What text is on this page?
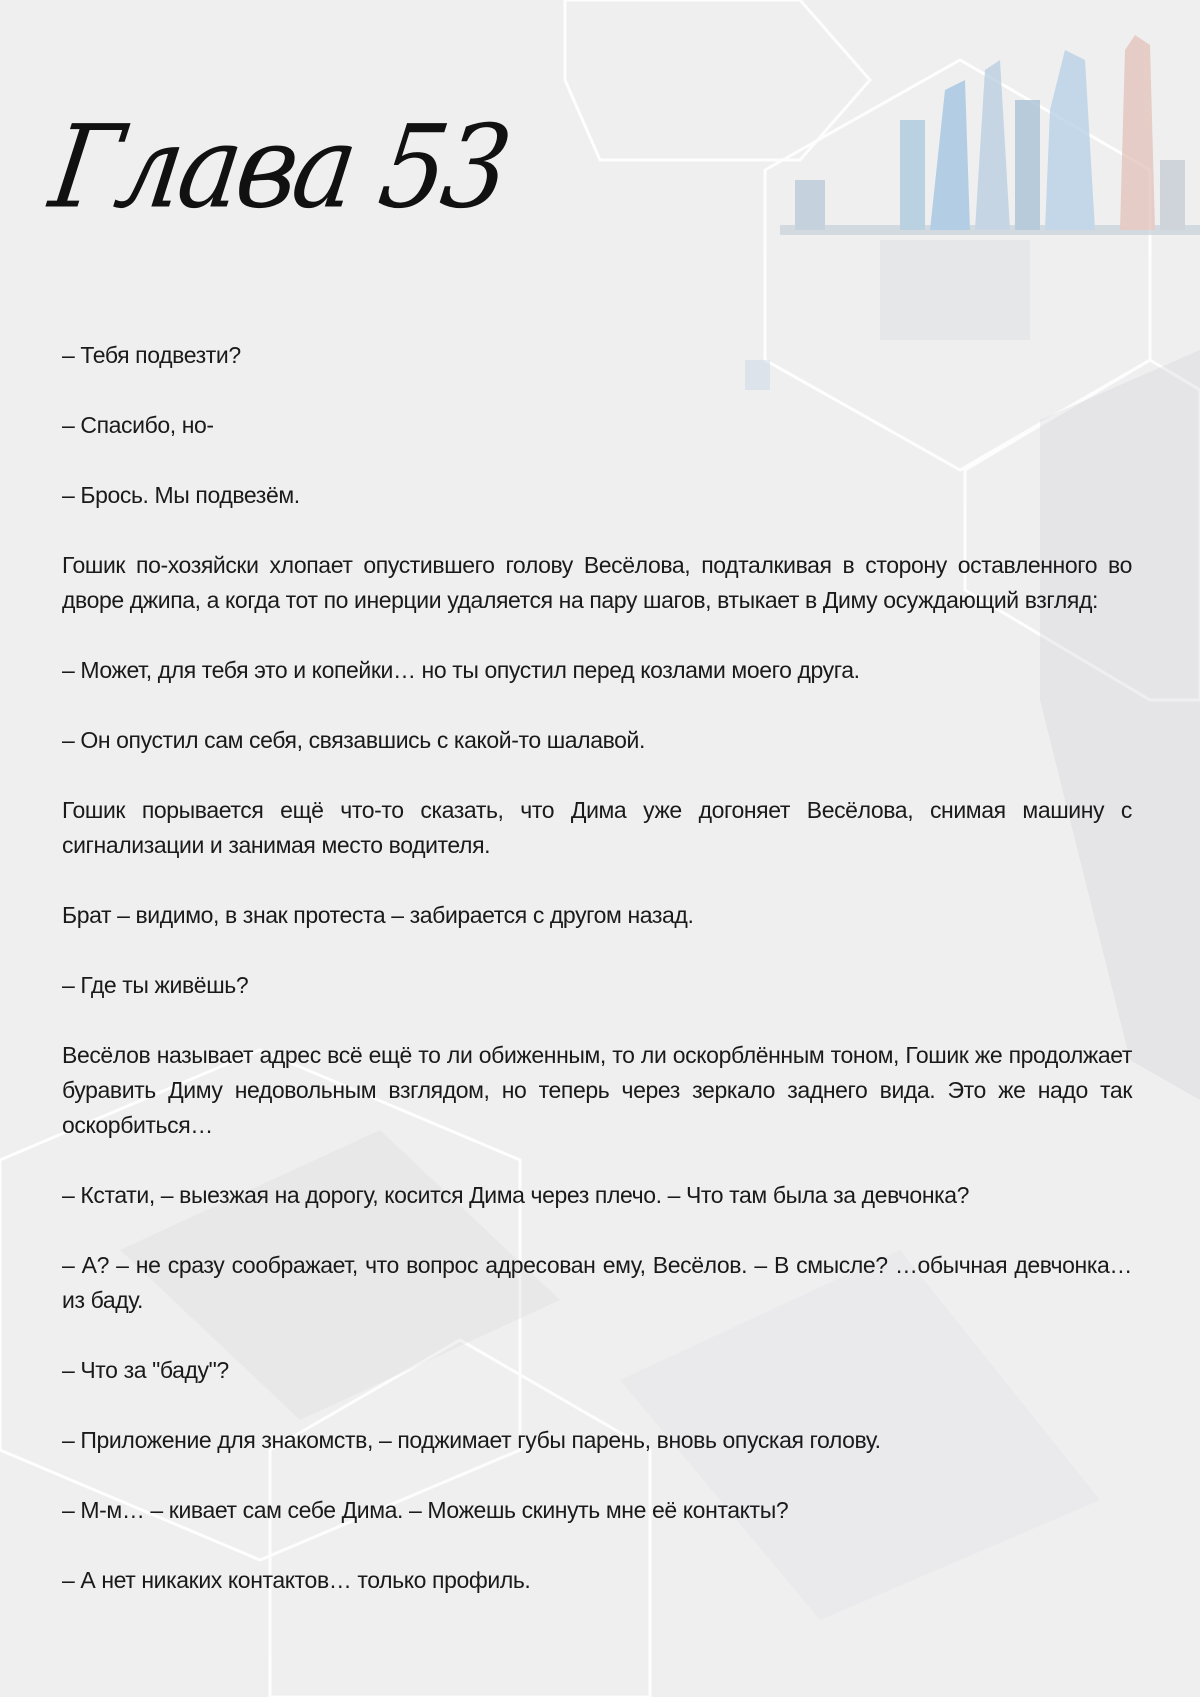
Глава 53

– Тебя подвезти?

– Спасибо, но-

– Брось. Мы подвезём.

Гошик по-хозяйски хлопает опустившего голову Весёлова, подталкивая в сторону оставленного во дворе джипа, а когда тот по инерции удаляется на пару шагов, втыкает в Диму осуждающий взгляд:

– Может, для тебя это и копейки… но ты опустил перед козлами моего друга.

– Он опустил сам себя, связавшись с какой-то шалавой.

Гошик порывается ещё что-то сказать, что Дима уже догоняет Весёлова, снимая машину с сигнализации и занимая место водителя.

Брат – видимо, в знак протеста – забирается с другом назад.

– Где ты живёшь?

Весёлов называет адрес всё ещё то ли обиженным, то ли оскорблённым тоном, Гошик же продолжает буравить Диму недовольным взглядом, но теперь через зеркало заднего вида. Это же надо так оскорбиться…

– Кстати, – выезжая на дорогу, косится Дима через плечо. – Что там была за девчонка?

– А? – не сразу соображает, что вопрос адресован ему, Весёлов. – В смысле? …обычная девчонка… из баду.

– Что за "баду"?

– Приложение для знакомств, – поджимает губы парень, вновь опуская голову.

– М-м… – кивает сам себе Дима. – Можешь скинуть мне её контакты?

– А нет никаких контактов… только профиль.
